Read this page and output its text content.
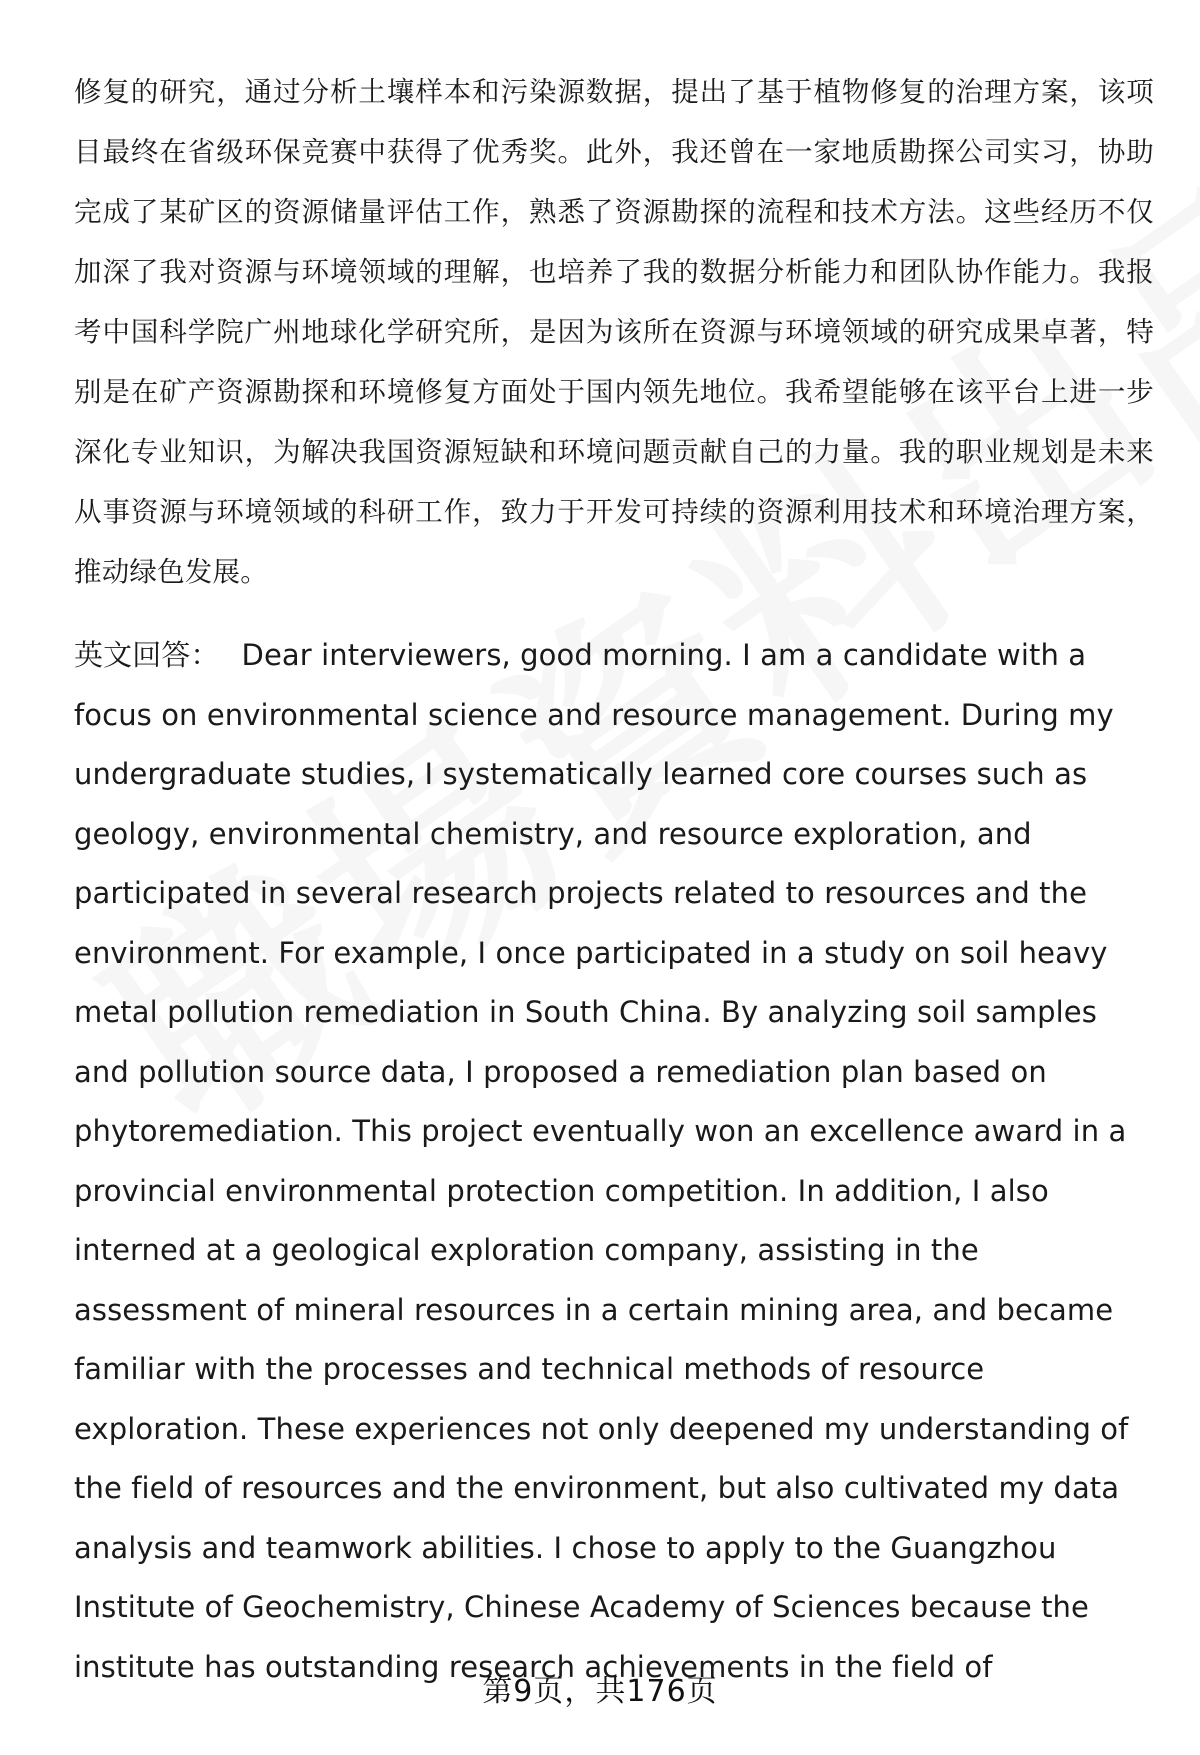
修复的研究，通过分析土壤样本和污染源数据，提出了基于植物修复的治理方案，该项目最终在省级环保竞赛中获得了优秀奖。此外，我还曾在一家地质勘探公司实习，协助完成了某矿区的资源储量评估工作，熟悉了资源勘探的流程和技术方法。这些经历不仅加深了我对资源与环境领域的理解，也培养了我的数据分析能力和团队协作能力。我报考中国科学院广州地球化学研究所，是因为该所在资源与环境领域的研究成果卓著，特别是在矿产资源勘探和环境修复方面处于国内领先地位。我希望能够在该平台上进一步深化专业知识，为解决我国资源短缺和环境问题贡献自己的力量。我的职业规划是未来从事资源与环境领域的科研工作，致力于开发可持续的资源利用技术和环境治理方案，推动绿色发展。

英文回答： Dear interviewers, good morning. I am a candidate with a focus on environmental science and resource management. During my undergraduate studies, I systematically learned core courses such as geology, environmental chemistry, and resource exploration, and participated in several research projects related to resources and the environment. For example, I once participated in a study on soil heavy metal pollution remediation in South China. By analyzing soil samples and pollution source data, I proposed a remediation plan based on phytoremediation. This project eventually won an excellence award in a provincial environmental protection competition. In addition, I also interned at a geological exploration company, assisting in the assessment of mineral resources in a certain mining area, and became familiar with the processes and technical methods of resource exploration. These experiences not only deepened my understanding of the field of resources and the environment, but also cultivated my data analysis and teamwork abilities. I chose to apply to the Guangzhou Institute of Geochemistry, Chinese Academy of Sciences because the institute has outstanding research achievements in the field of

第9页，共176页
